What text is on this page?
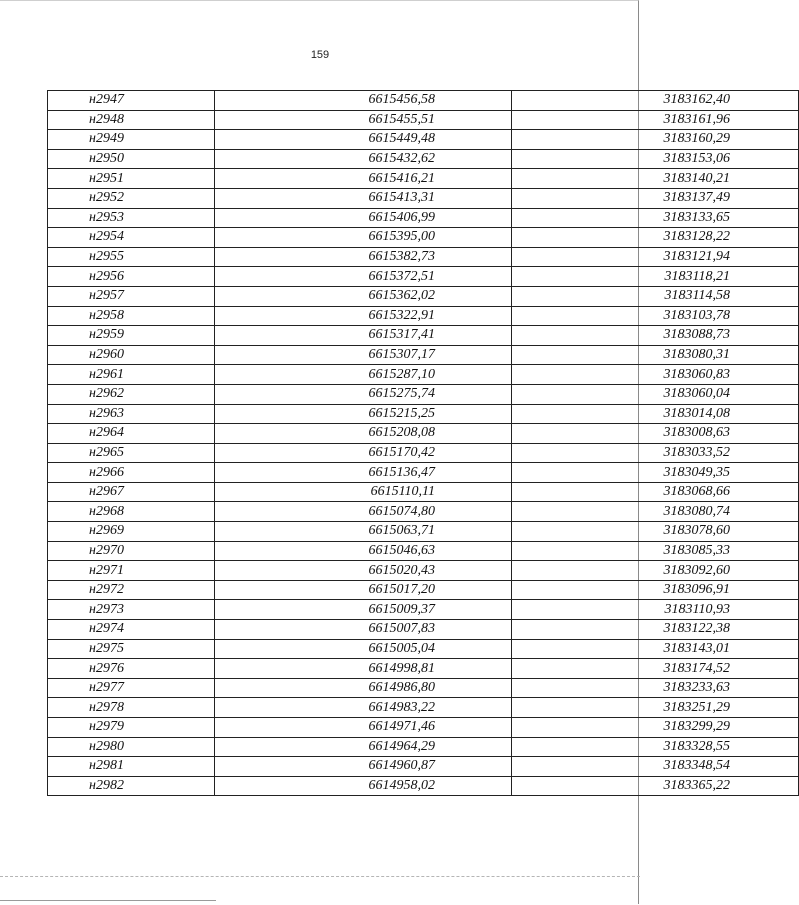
159
н2947	6615456,58	3183162,40
н2948	6615455,51	3183161,96
н2949	6615449,48	3183160,29
н2950	6615432,62	3183153,06
н2951	6615416,21	3183140,21
н2952	6615413,31	3183137,49
н2953	6615406,99	3183133,65
н2954	6615395,00	3183128,22
н2955	6615382,73	3183121,94
н2956	6615372,51	3183118,21
н2957	6615362,02	3183114,58
н2958	6615322,91	3183103,78
н2959	6615317,41	3183088,73
н2960	6615307,17	3183080,31
н2961	6615287,10	3183060,83
н2962	6615275,74	3183060,04
н2963	6615215,25	3183014,08
н2964	6615208,08	3183008,63
н2965	6615170,42	3183033,52
н2966	6615136,47	3183049,35
н2967	6615110,11	3183068,66
н2968	6615074,80	3183080,74
н2969	6615063,71	3183078,60
н2970	6615046,63	3183085,33
н2971	6615020,43	3183092,60
н2972	6615017,20	3183096,91
н2973	6615009,37	3183110,93
н2974	6615007,83	3183122,38
н2975	6615005,04	3183143,01
н2976	6614998,81	3183174,52
н2977	6614986,80	3183233,63
н2978	6614983,22	3183251,29
н2979	6614971,46	3183299,29
н2980	6614964,29	3183328,55
н2981	6614960,87	3183348,54
н2982	6614958,02	3183365,22
